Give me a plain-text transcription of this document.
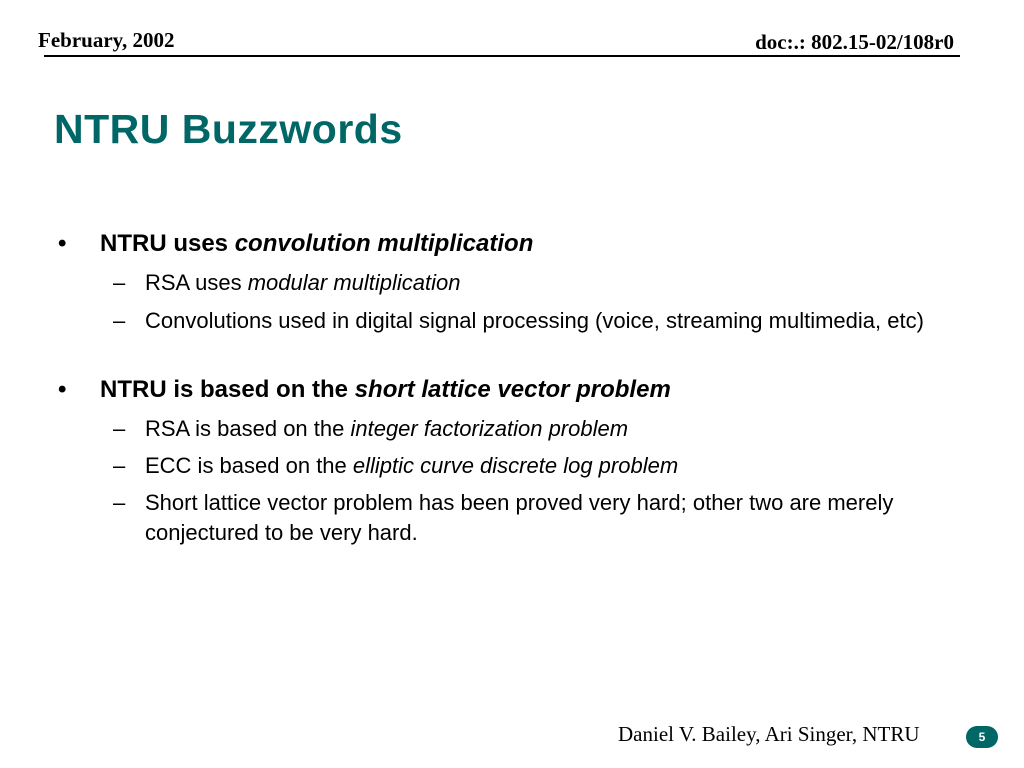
February, 2002	doc:.: 802.15-02/108r0
NTRU Buzzwords
• NTRU uses convolution multiplication
– RSA uses modular multiplication
– Convolutions used in digital signal processing (voice, streaming multimedia, etc)
• NTRU is based on the short lattice vector problem
– RSA is based on the integer factorization problem
– ECC is based on the elliptic curve discrete log problem
– Short lattice vector problem has been proved very hard; other two are merely conjectured to be very hard.
Daniel V. Bailey, Ari Singer, NTRU	5
